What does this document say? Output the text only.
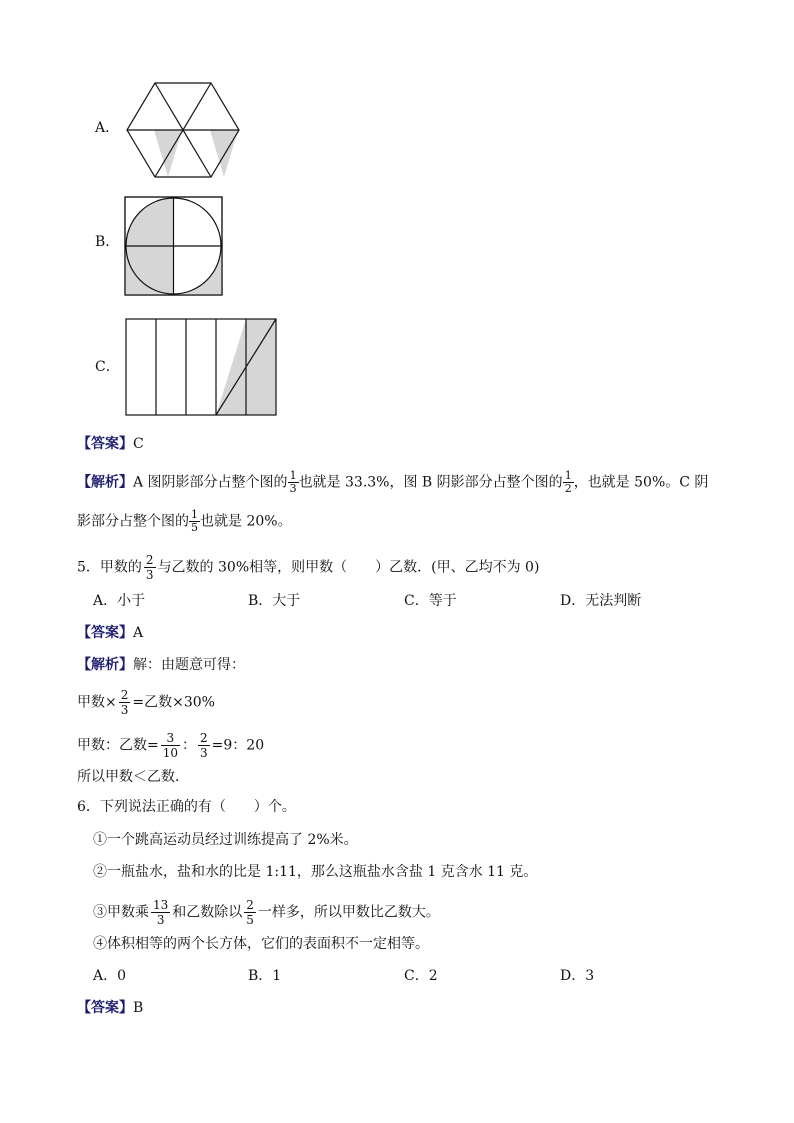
A．
B．
C．
【答案】C
【解析】A 图阴影部分占整个图的 $\frac{1}{3}$ 也就是 33.3%，图 B 阴影部分占整个图的 $\frac{1}{2}$ ，也就是 50%。C 阴
影部分占整个图的 $\frac{1}{5}$ 也就是 20%。
5．甲数的 $\frac{2}{3}$ 与乙数的 30%相等，则甲数（　　）乙数．(甲、乙均不为 0)
A．小于	B．大于	C．等于	D．无法判断
【答案】A
【解析】解：由题意可得：
甲数× $\frac{2}{3}$ =乙数×30%
甲数：乙数= $\frac{3}{10}$ ： $\frac{2}{3} =9$：20
所以甲数＜乙数．
6．下列说法正确的有（　　）个。
①一个跳高运动员经过训练提高了 2%米。
②一瓶盐水，盐和水的比是 1:11，那么这瓶盐水含盐 1 克含水 11 克。
③甲数乘 $\frac{13}{3}$ 和乙数除以 $\frac{2}{5}$ 一样多，所以甲数比乙数大。
④体积相等的两个长方体，它们的表面积不一定相等。
A．0	B．1	C．2	D．3
【答案】B
